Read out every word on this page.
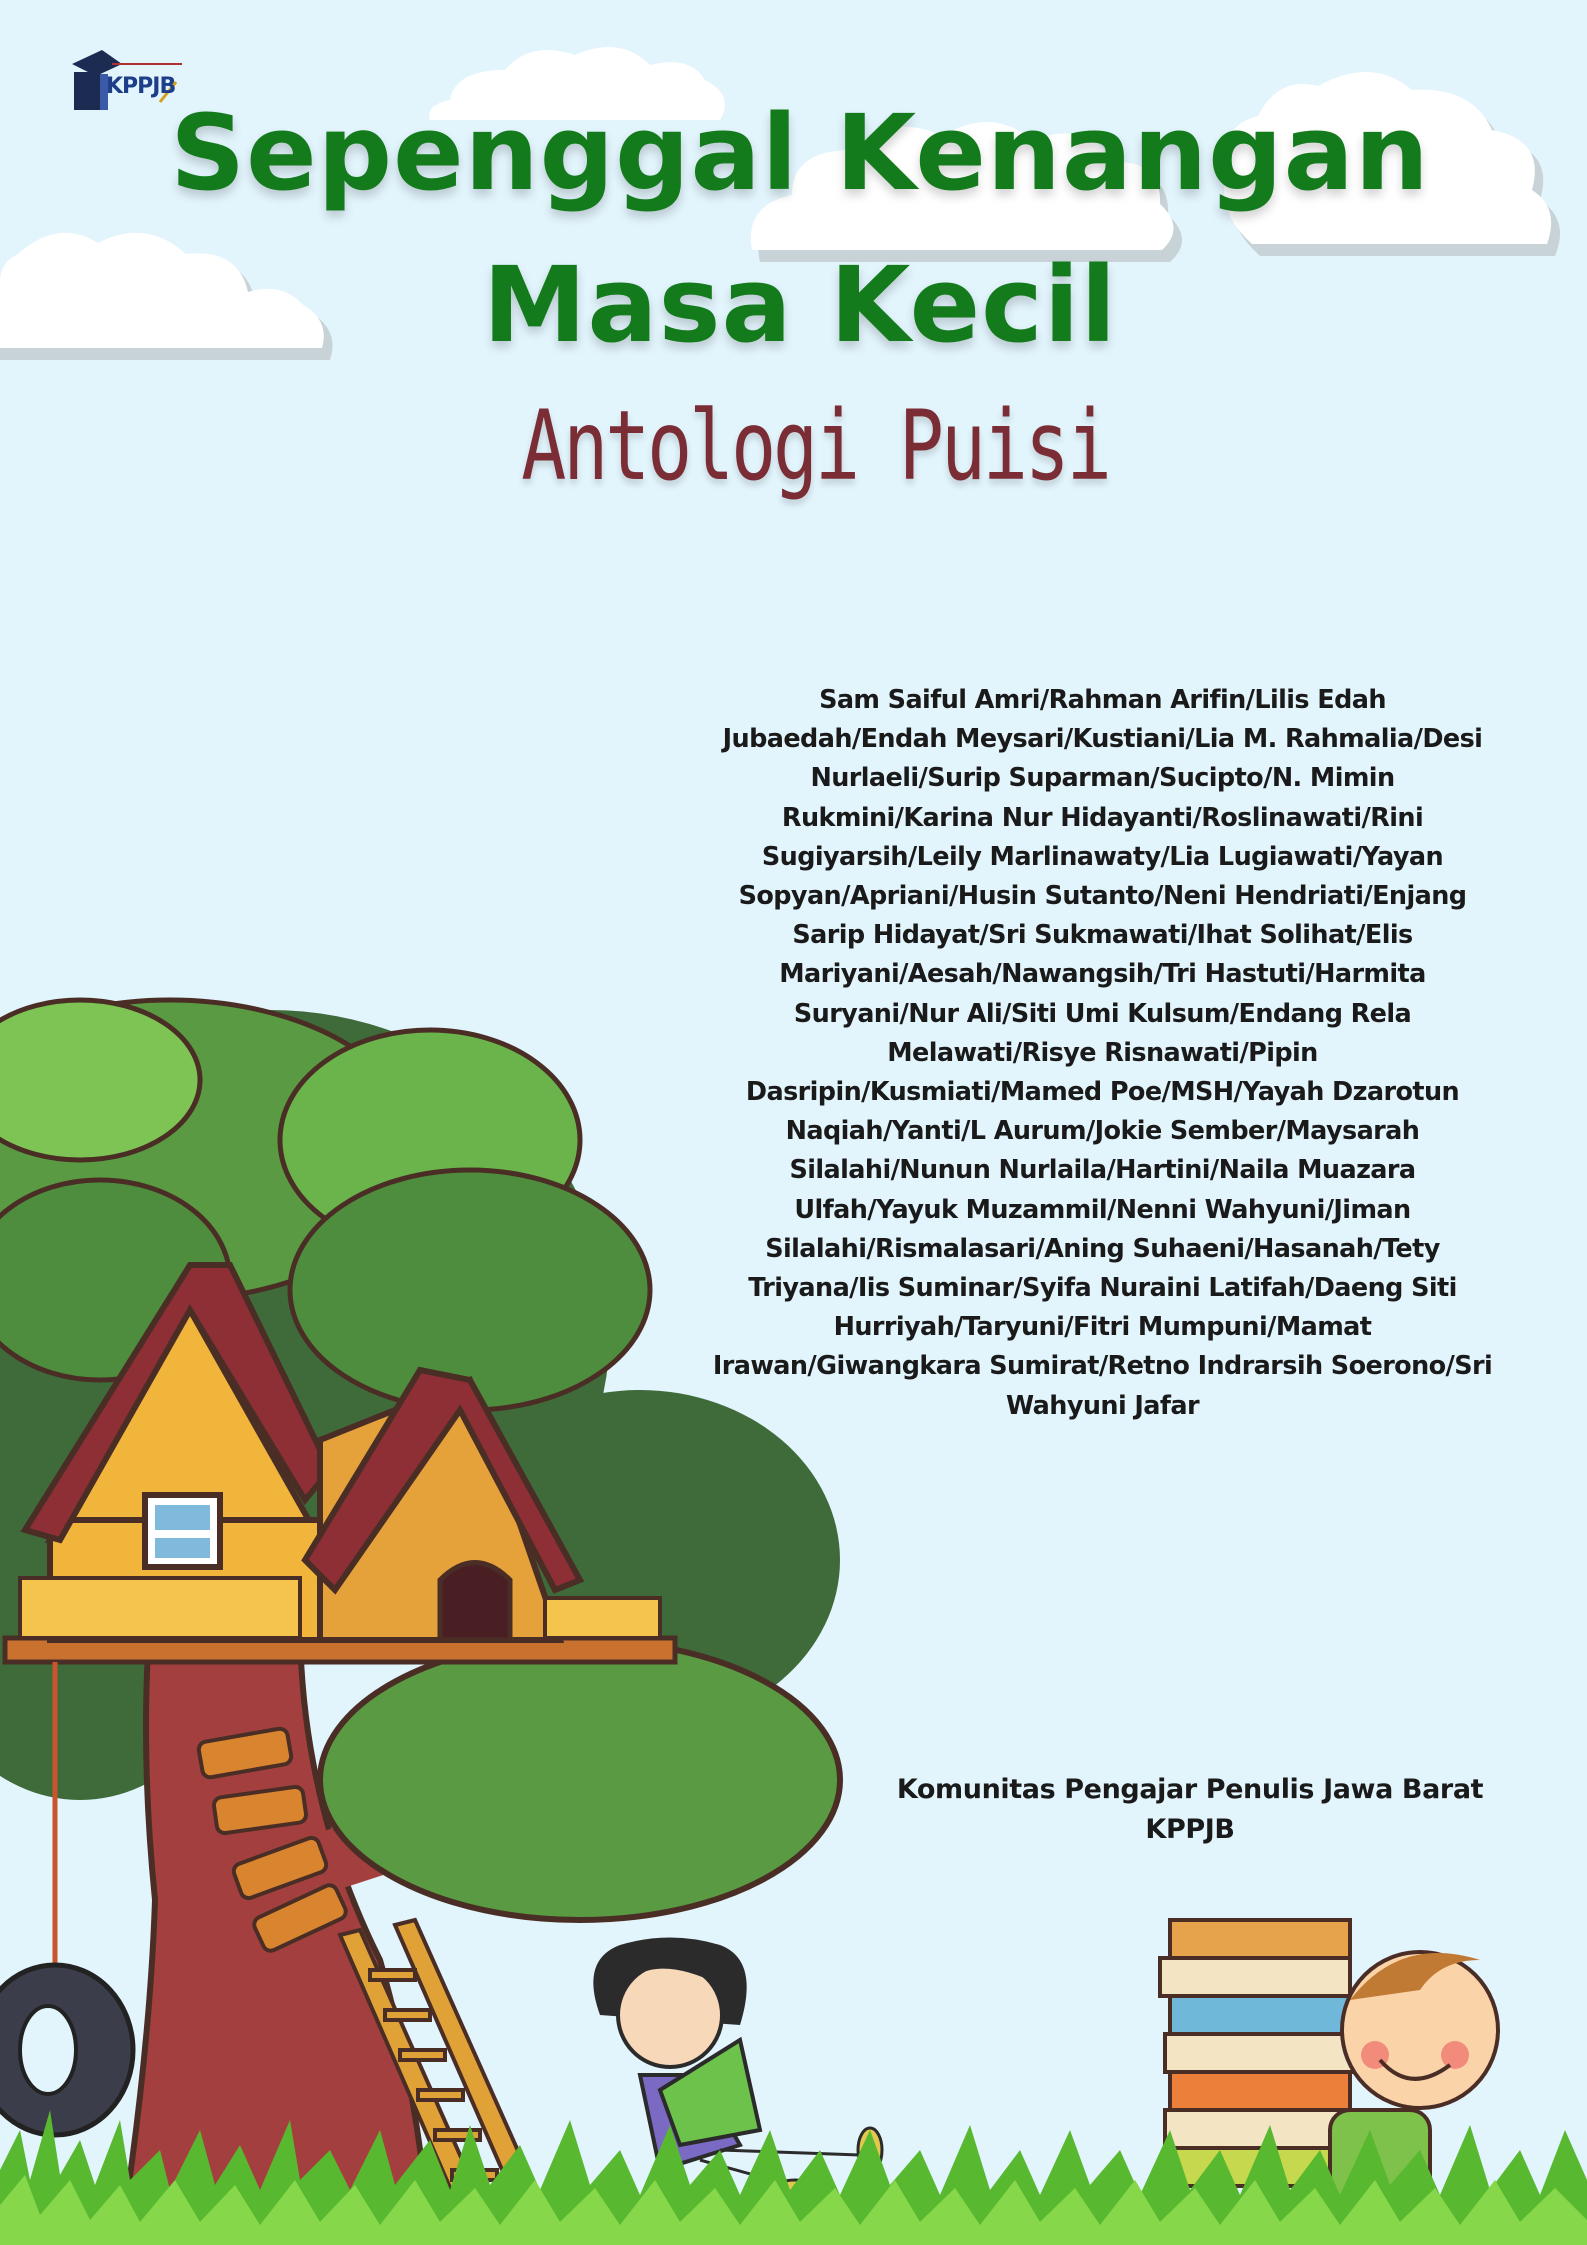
KPPJB
Sepenggal Kenangan
Masa Kecil
Antologi Puisi
Sam Saiful Amri/Rahman Arifin/Lilis Edah
Jubaedah/Endah Meysari/Kustiani/Lia M. Rahmalia/Desi
Nurlaeli/Surip Suparman/Sucipto/N. Mimin
Rukmini/Karina Nur Hidayanti/Roslinawati/Rini
Sugiyarsih/Leily Marlinawaty/Lia Lugiawati/Yayan
Sopyan/Apriani/Husin Sutanto/Neni Hendriati/Enjang
Sarip Hidayat/Sri Sukmawati/Ihat Solihat/Elis
Mariyani/Aesah/Nawangsih/Tri Hastuti/Harmita
Suryani/Nur Ali/Siti Umi Kulsum/Endang Rela
Melawati/Risye Risnawati/Pipin
Dasripin/Kusmiati/Mamed Poe/MSH/Yayah Dzarotun
Naqiah/Yanti/L Aurum/Jokie Sember/Maysarah
Silalahi/Nunun Nurlaila/Hartini/Naila Muazara
Ulfah/Yayuk Muzammil/Nenni Wahyuni/Jiman
Silalahi/Rismalasari/Aning Suhaeni/Hasanah/Tety
Triyana/Iis Suminar/Syifa Nuraini Latifah/Daeng Siti
Hurriyah/Taryuni/Fitri Mumpuni/Mamat
Irawan/Giwangkara Sumirat/Retno Indrarsih Soerono/Sri
Wahyuni Jafar
Komunitas Pengajar Penulis Jawa Barat
KPPJB
